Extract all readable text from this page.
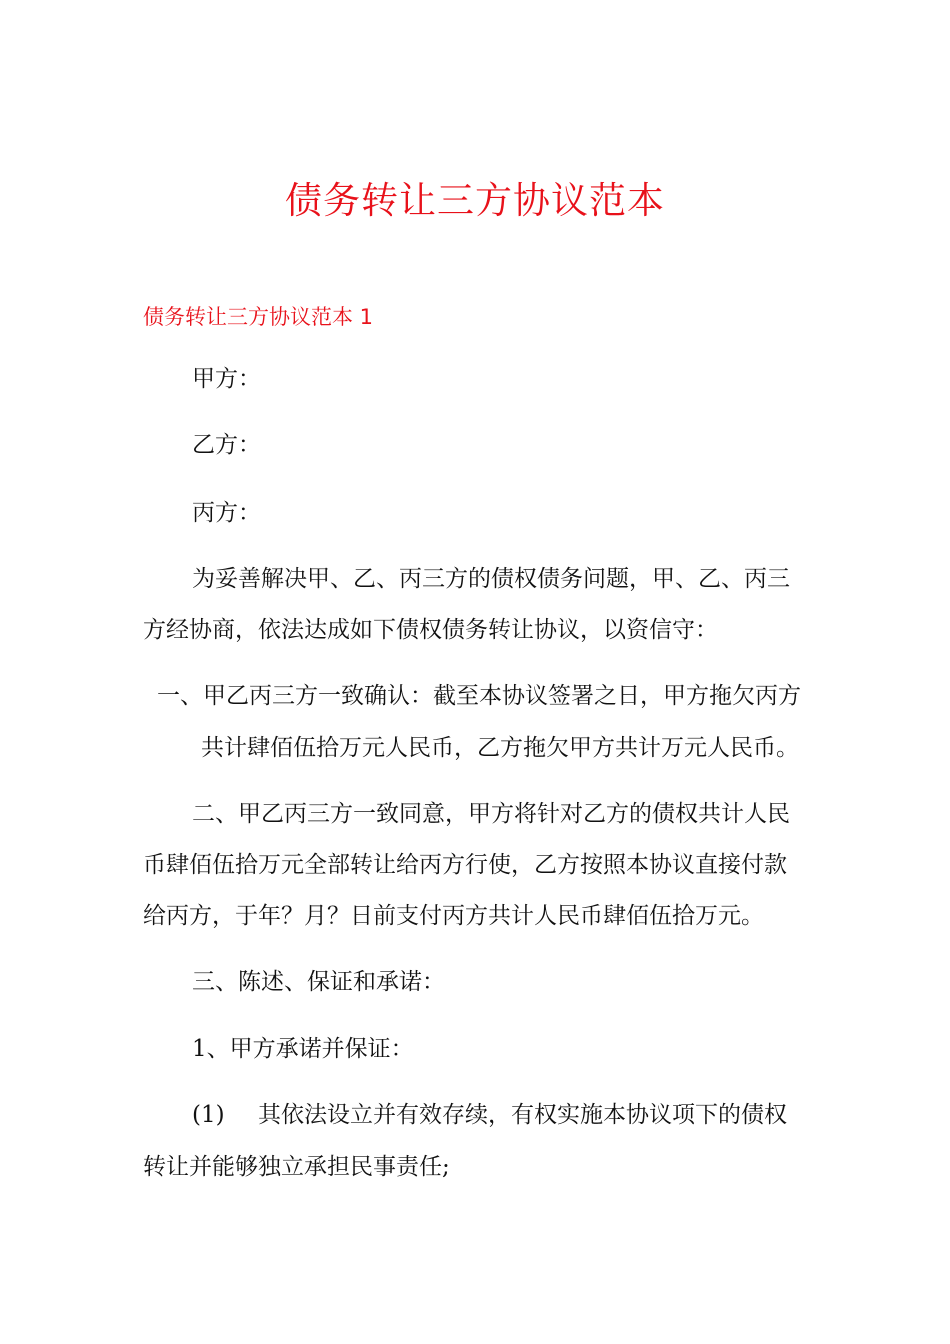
债务转让三方协议范本
债务转让三方协议范本 1
甲方：
乙方：
丙方：
为妥善解决甲、乙、丙三方的债权债务问题，甲、乙、丙三
方经协商，依法达成如下债权债务转让协议，以资信守：
一、甲乙丙三方一致确认：截至本协议签署之日，甲方拖欠丙方
共计肆佰伍拾万元人民币，乙方拖欠甲方共计万元人民币。
二、甲乙丙三方一致同意，甲方将针对乙方的债权共计人民
币肆佰伍拾万元全部转让给丙方行使，乙方按照本协议直接付款
给丙方，于年？月？日前支付丙方共计人民币肆佰伍拾万元。
三、陈述、保证和承诺：
1、甲方承诺并保证：
(1) 其依法设立并有效存续，有权实施本协议项下的债权
转让并能够独立承担民事责任;
